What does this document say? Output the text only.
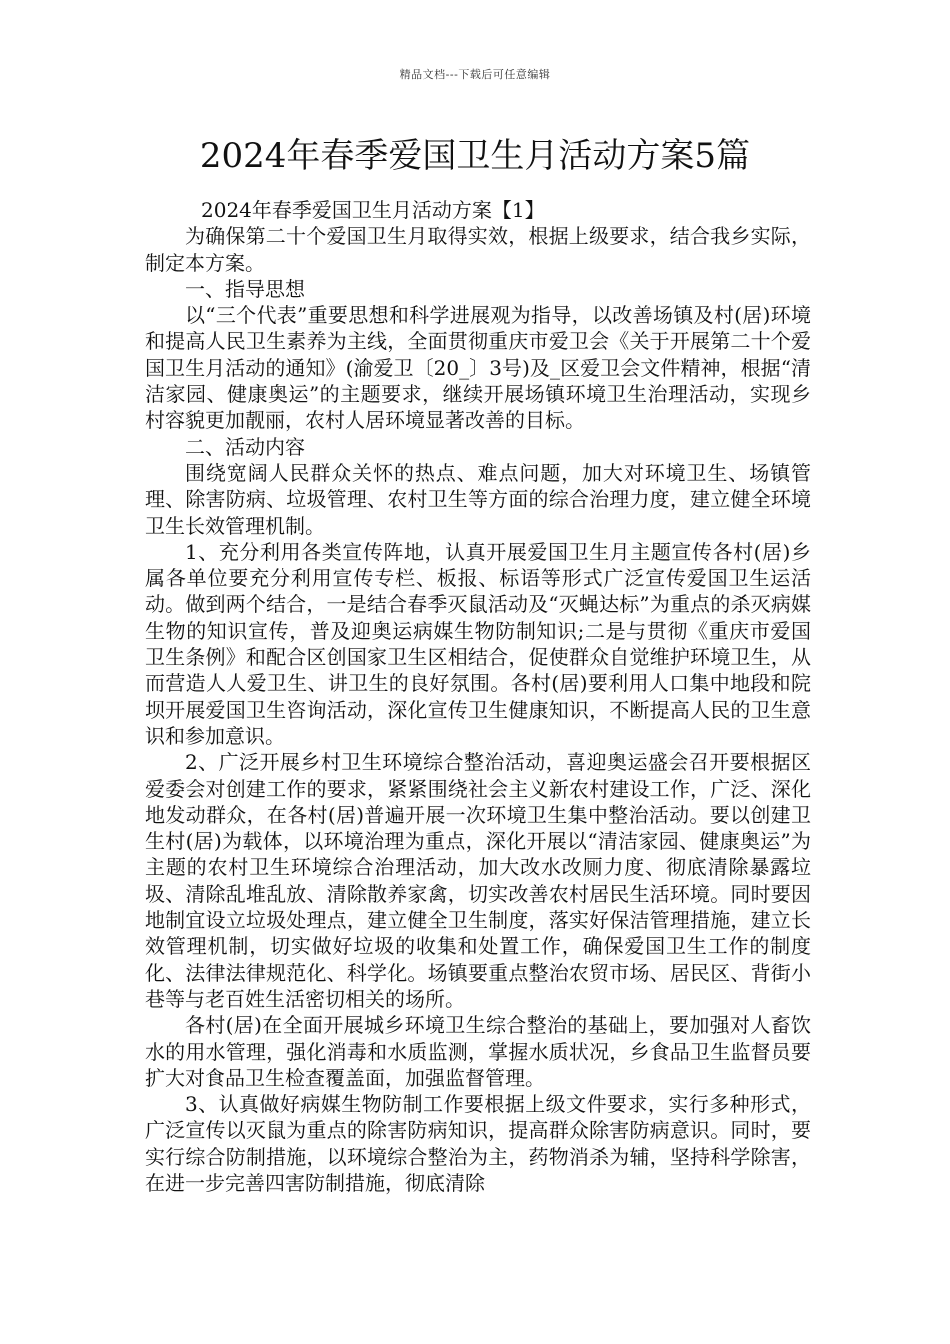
精品文档---下载后可任意编辑
2024年春季爱国卫生月活动方案5篇

2024年春季爱国卫生月活动方案【1】

为确保第二十个爱国卫生月取得实效，根据上级要求，结合我乡实际，制定本方案。

一、指导思想

以“三个代表”重要思想和科学进展观为指导，以改善场镇及村(居)环境和提高人民卫生素养为主线，全面贯彻重庆市爱卫会《关于开展第二十个爱国卫生月活动的通知》(渝爱卫〔20_〕3号)及_区爱卫会文件精神，根据“清洁家园、健康奥运”的主题要求，继续开展场镇环境卫生治理活动，实现乡村容貌更加靓丽，农村人居环境显著改善的目标。

二、活动内容

围绕宽阔人民群众关怀的热点、难点问题，加大对环境卫生、场镇管理、除害防病、垃圾管理、农村卫生等方面的综合治理力度，建立健全环境卫生长效管理机制。

1、充分利用各类宣传阵地，认真开展爱国卫生月主题宣传各村(居)乡属各单位要充分利用宣传专栏、板报、标语等形式广泛宣传爱国卫生运活动。做到两个结合，一是结合春季灭鼠活动及“灭蝇达标”为重点的杀灭病媒生物的知识宣传，普及迎奥运病媒生物防制知识;二是与贯彻《重庆市爱国卫生条例》和配合区创国家卫生区相结合，促使群众自觉维护环境卫生，从而营造人人爱卫生、讲卫生的良好氛围。各村(居)要利用人口集中地段和院坝开展爱国卫生咨询活动，深化宣传卫生健康知识，不断提高人民的卫生意识和参加意识。

2、广泛开展乡村卫生环境综合整治活动，喜迎奥运盛会召开要根据区爱委会对创建工作的要求，紧紧围绕社会主义新农村建设工作，广泛、深化地发动群众，在各村(居)普遍开展一次环境卫生集中整治活动。要以创建卫生村(居)为载体，以环境治理为重点，深化开展以“清洁家园、健康奥运”为主题的农村卫生环境综合治理活动，加大改水改厕力度、彻底清除暴露垃圾、清除乱堆乱放、清除散养家禽，切实改善农村居民生活环境。同时要因地制宜设立垃圾处理点，建立健全卫生制度，落实好保洁管理措施，建立长效管理机制，切实做好垃圾的收集和处置工作，确保爱国卫生工作的制度化、法律法律规范化、科学化。场镇要重点整治农贸市场、居民区、背街小巷等与老百姓生活密切相关的场所。

各村(居)在全面开展城乡环境卫生综合整治的基础上，要加强对人畜饮水的用水管理，强化消毒和水质监测，掌握水质状况，乡食品卫生监督员要扩大对食品卫生检查覆盖面，加强监督管理。

3、认真做好病媒生物防制工作要根据上级文件要求，实行多种形式，广泛宣传以灭鼠为重点的除害防病知识，提高群众除害防病意识。同时，要实行综合防制措施，以环境综合整治为主，药物消杀为辅，坚持科学除害，在进一步完善四害防制措施，彻底清除
